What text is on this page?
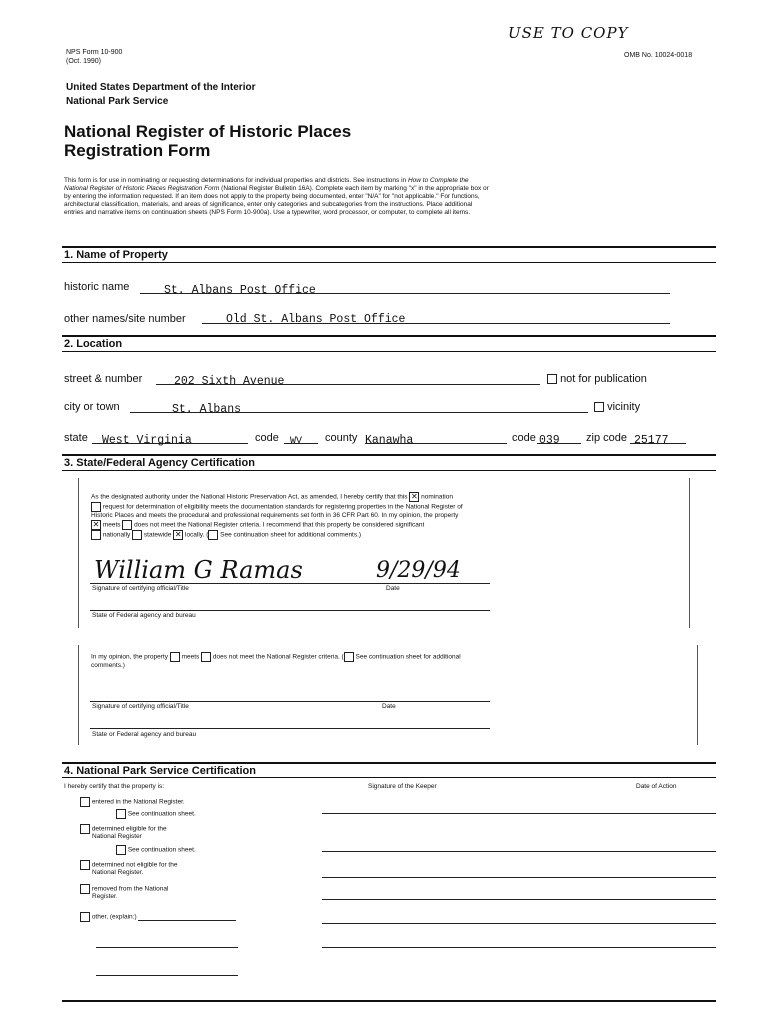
NPS Form 10-900
(Oct. 1990)
USE TO COPY
OMB No. 10024-0018
United States Department of the Interior
National Park Service
National Register of Historic Places
Registration Form
This form is for use in nominating or requesting determinations for individual properties and districts. See instructions in How to Complete the
National Register of Historic Places Registration Form (National Register Bulletin 16A). Complete each item by marking "x" in the appropriate box or
by entering the information requested. If an item does not apply to the property being documented, enter "N/A" for "not applicable." For functions,
architectural classification, materials, and areas of significance, enter only categories and subcategories from the instructions. Place additional
entries and narrative items on continuation sheets (NPS Form 10-900a). Use a typewriter, word processor, or computer, to complete all items.
1. Name of Property
historic name	St. Albans Post Office
other names/site number	Old St. Albans Post Office
2. Location
street & number	202 Sixth Avenue	not for publication
city or town	St. Albans	vicinity
state	West Virginia	code	WV	county Kanawha	code 039	zip code 25177
3. State/Federal Agency Certification
As the designated authority under the National Historic Preservation Act, as amended, I hereby certify that this ✕ nomination
request for determination of eligibility meets the documentation standards for registering properties in the National Register of
Historic Places and meets the procedural and professional requirements set forth in 36 CFR Part 60. In my opinion, the property
✕ meets does not meet the National Register criteria. I recommend that this property be considered significant
nationally statewide ✕ locally. ( See continuation sheet for additional comments.)
William G Ramas	9/29/94
Signature of certifying official/Title	Date
State of Federal agency and bureau
In my opinion, the property meets does not meet the National Register criteria. ( See continuation sheet for additional
comments.)
Signature of certifying official/Title	Date
State or Federal agency and bureau
4. National Park Service Certification
I hereby certify that the property is:	Signature of the Keeper	Date of Action
entered in the National Register.
See continuation sheet.
determined eligible for the
National Register
See continuation sheet.
determined not eligible for the
National Register.
removed from the National
Register.
other, (explain:)
